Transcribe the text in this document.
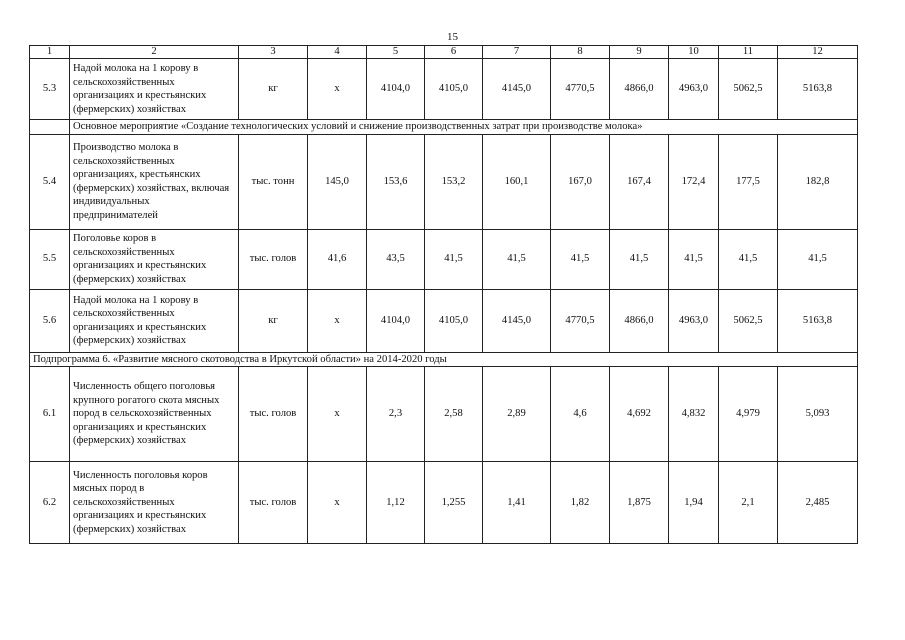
15
1	2	3	4	5	6	7	8	9	10	11	12
5.3	Надой молока на 1 корову в сельскохозяйственных организациях и крестьянских (фермерских) хозяйствах	кг	х	4104,0	4105,0	4145,0	4770,5	4866,0	4963,0	5062,5	5163,8
	Основное мероприятие «Создание технологических условий и снижение производственных затрат при производстве молока»										
5.4	Производство молока в сельскохозяйственных организациях, крестьянских (фермерских) хозяйствах, включая индивидуальных предпринимателей	тыс. тонн	145,0	153,6	153,2	160,1	167,0	167,4	172,4	177,5	182,8
5.5	Поголовье коров в сельскохозяйственных организациях и крестьянских (фермерских) хозяйствах	тыс. голов	41,6	43,5	41,5	41,5	41,5	41,5	41,5	41,5	41,5
5.6	Надой молока на 1 корову в сельскохозяйственных организациях и крестьянских (фермерских) хозяйствах	кг	х	4104,0	4105,0	4145,0	4770,5	4866,0	4963,0	5062,5	5163,8
Подпрограмма 6. «Развитие мясного скотоводства в Иркутской области» на 2014-2020 годы											
6.1	Численность общего поголовья крупного рогатого скота мясных пород в сельскохозяйственных организациях и крестьянских (фермерских) хозяйствах	тыс. голов	х	2,3	2,58	2,89	4,6	4,692	4,832	4,979	5,093
6.2	Численность поголовья коров мясных пород в сельскохозяйственных организациях и крестьянских (фермерских) хозяйствах	тыс. голов	х	1,12	1,255	1,41	1,82	1,875	1,94	2,1	2,485
